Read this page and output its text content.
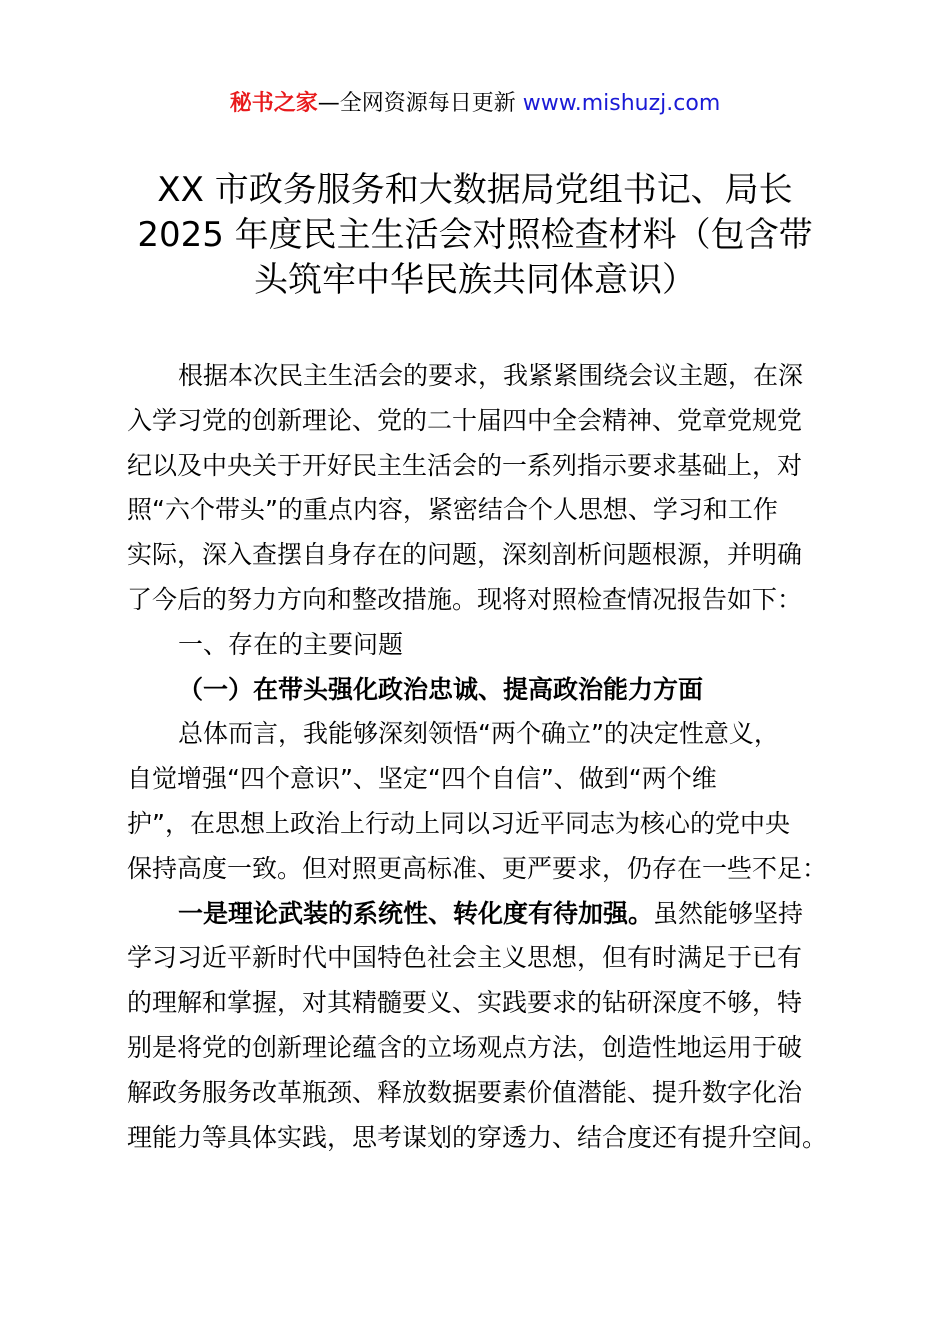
秘书之家—全网资源每日更新 www.mishuzj.com
XX 市政务服务和大数据局党组书记、局长
2025 年度民主生活会对照检查材料（包含带
头筑牢中华民族共同体意识）
根据本次民主生活会的要求，我紧紧围绕会议主题，在深
入学习党的创新理论、党的二十届四中全会精神、党章党规党
纪以及中央关于开好民主生活会的一系列指示要求基础上，对
照“六个带头”的重点内容，紧密结合个人思想、学习和工作
实际，深入查摆自身存在的问题，深刻剖析问题根源，并明确
了今后的努力方向和整改措施。现将对照检查情况报告如下：
一、存在的主要问题
（一）在带头强化政治忠诚、提高政治能力方面
总体而言，我能够深刻领悟“两个确立”的决定性意义，
自觉增强“四个意识”、坚定“四个自信”、做到“两个维
护”，在思想上政治上行动上同以习近平同志为核心的党中央
保持高度一致。但对照更高标准、更严要求，仍存在一些不足：
一是理论武装的系统性、转化度有待加强。虽然能够坚持
学习习近平新时代中国特色社会主义思想，但有时满足于已有
的理解和掌握，对其精髓要义、实践要求的钻研深度不够，特
别是将党的创新理论蕴含的立场观点方法，创造性地运用于破
解政务服务改革瓶颈、释放数据要素价值潜能、提升数字化治
理能力等具体实践，思考谋划的穿透力、结合度还有提升空间。
